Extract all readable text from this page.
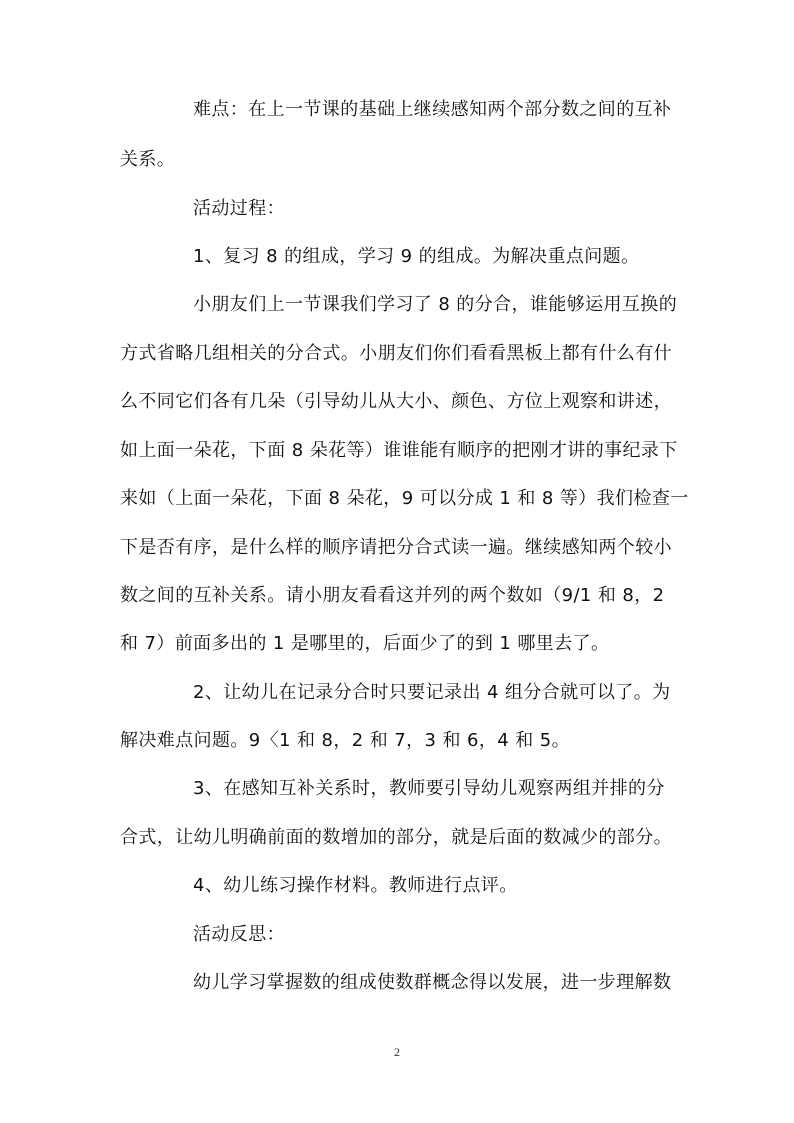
难点：在上一节课的基础上继续感知两个部分数之间的互补
关系。
活动过程：
1、复习 8 的组成，学习 9 的组成。为解决重点问题。
小朋友们上一节课我们学习了 8 的分合，谁能够运用互换的
方式省略几组相关的分合式。小朋友们你们看看黑板上都有什么有什
么不同它们各有几朵（引导幼儿从大小、颜色、方位上观察和讲述，
如上面一朵花，下面 8 朵花等）谁谁能有顺序的把刚才讲的事纪录下
来如（上面一朵花，下面 8 朵花，9 可以分成 1 和 8 等）我们检查一
下是否有序，是什么样的顺序请把分合式读一遍。继续感知两个较小
数之间的互补关系。请小朋友看看这并列的两个数如（9/1 和 8，2
和 7）前面多出的 1 是哪里的，后面少了的到 1 哪里去了。
2、让幼儿在记录分合时只要记录出 4 组分合就可以了。为
解决难点问题。9〈1 和 8，2 和 7，3 和 6，4 和 5。
3、在感知互补关系时，教师要引导幼儿观察两组并排的分
合式，让幼儿明确前面的数增加的部分，就是后面的数减少的部分。
4、幼儿练习操作材料。教师进行点评。
活动反思：
幼儿学习掌握数的组成使数群概念得以发展，进一步理解数
2
